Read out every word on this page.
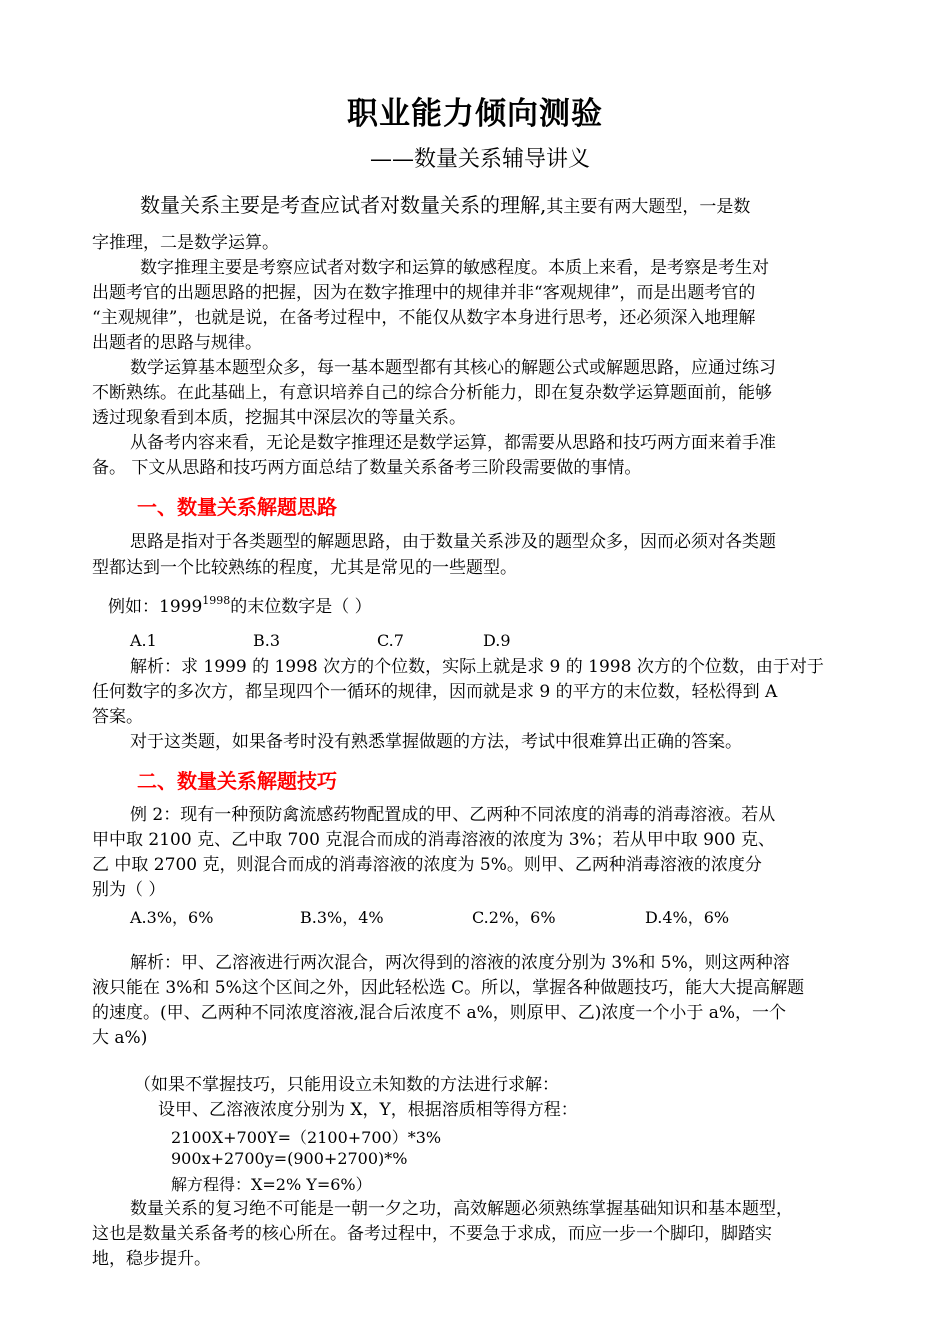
职业能力倾向测验
——数量关系辅导讲义
数量关系主要是考查应试者对数量关系的理解,其主要有两大题型，一是数
字推理，二是数学运算。
数字推理主要是考察应试者对数字和运算的敏感程度。本质上来看，是考察是考生对
出题考官的出题思路的把握，因为在数字推理中的规律并非“客观规律”，而是出题考官的
“主观规律”，也就是说，在备考过程中，不能仅从数字本身进行思考，还必须深入地理解
出题者的思路与规律。
数学运算基本题型众多，每一基本题型都有其核心的解题公式或解题思路，应通过练习
不断熟练。在此基础上，有意识培养自己的综合分析能力，即在复杂数学运算题面前，能够
透过现象看到本质，挖掘其中深层次的等量关系。
从备考内容来看，无论是数字推理还是数学运算，都需要从思路和技巧两方面来着手准
备。 下文从思路和技巧两方面总结了数量关系备考三阶段需要做的事情。
一、数量关系解题思路
思路是指对于各类题型的解题思路，由于数量关系涉及的题型众多，因而必须对各类题
型都达到一个比较熟练的程度，尤其是常见的一些题型。
例如：$1999^{1998}$的末位数字是（ ）
A.1	B.3	C.7	D.9
解析：求 1999 的 1998 次方的个位数，实际上就是求 9 的 1998 次方的个位数，由于对于
任何数字的多次方，都呈现四个一循环的规律，因而就是求 9 的平方的末位数，轻松得到 A
答案。
对于这类题，如果备考时没有熟悉掌握做题的方法，考试中很难算出正确的答案。
二、数量关系解题技巧
例 2：现有一种预防禽流感药物配置成的甲、乙两种不同浓度的消毒的消毒溶液。若从
甲中取 2100 克、乙中取 700 克混合而成的消毒溶液的浓度为 3%；若从甲中取 900 克、
乙 中取 2700 克，则混合而成的消毒溶液的浓度为 5%。则甲、乙两种消毒溶液的浓度分
别为（ ）
A.3%，6%	B.3%，4%	C.2%，6%	D.4%，6%
解析：甲、乙溶液进行两次混合，两次得到的溶液的浓度分别为 3%和 5%，则这两种溶
液只能在 3%和 5%这个区间之外，因此轻松选 C。所以，掌握各种做题技巧，能大大提高解题
的速度。(甲、乙两种不同浓度溶液,混合后浓度不 a%，则原甲、乙)浓度一个小于 a%，一个
大 a%)
（如果不掌握技巧，只能用设立未知数的方法进行求解：
设甲、乙溶液浓度分别为 X，Y，根据溶质相等得方程：
2100X+700Y=（2100+700）*3%
900x+2700y=(900+2700)*%
解方程得：X=2% Y=6%）
数量关系的复习绝不可能是一朝一夕之功，高效解题必须熟练掌握基础知识和基本题型，
这也是数量关系备考的核心所在。备考过程中，不要急于求成，而应一步一个脚印，脚踏实
地，稳步提升。
